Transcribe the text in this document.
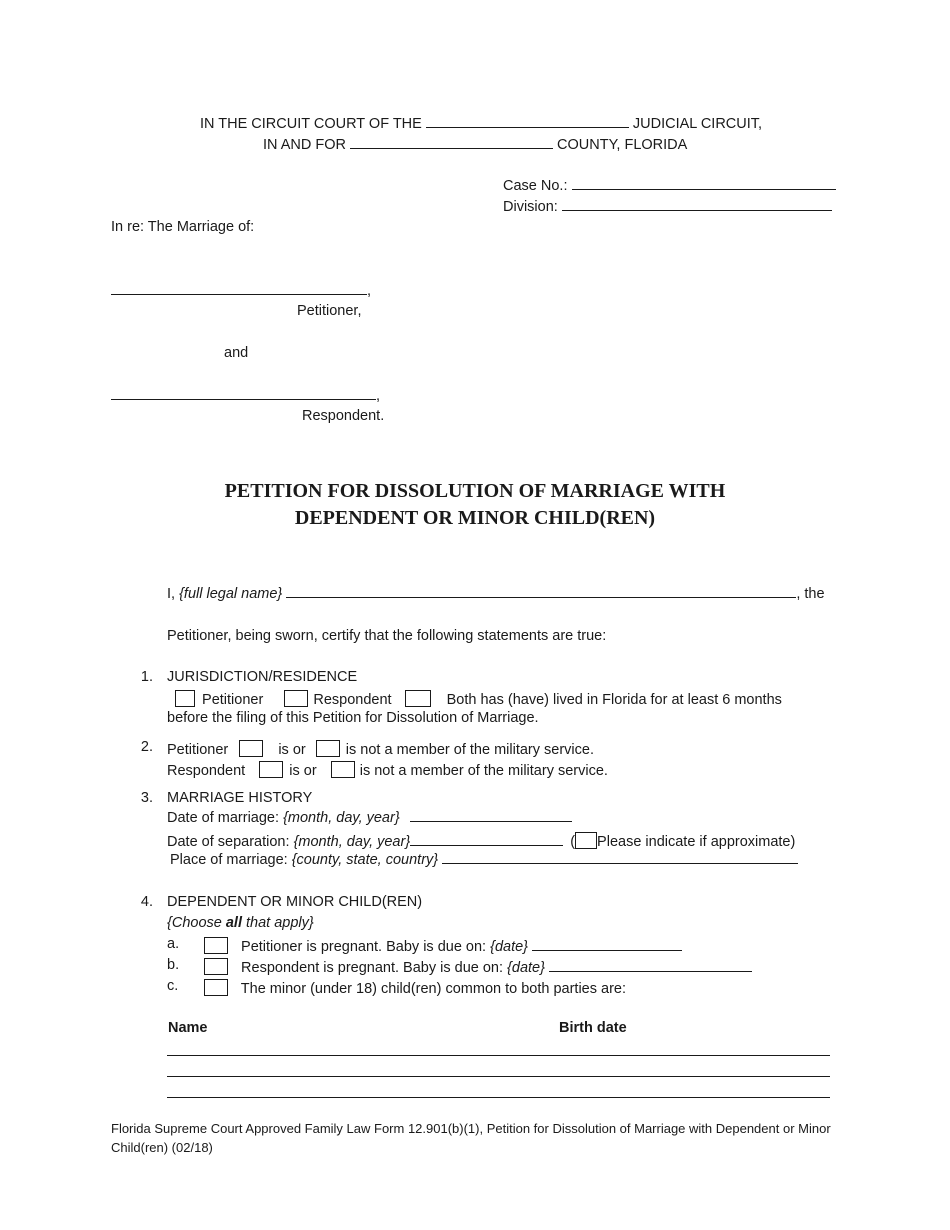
IN THE CIRCUIT COURT OF THE	JUDICIAL CIRCUIT,
IN AND FOR	COUNTY, FLORIDA
Case No.:
Division:
In re: The Marriage of:
,
Petitioner,
and
,
Respondent.
PETITION FOR DISSOLUTION OF MARRIAGE WITH
DEPENDENT OR MINOR CHILD(REN)
I, {full legal name}	, the
Petitioner, being sworn, certify that the following statements are true:
1. JURISDICTION/RESIDENCE
Petitioner	Respondent	Both has (have) lived in Florida for at least 6 months
before the filing of this Petition for Dissolution of Marriage.
2. Petitioner	is or	is not a member of the military service.
Respondent	is or	is not a member of the military service.
3. MARRIAGE HISTORY
Date of marriage: {month, day, year}
Date of separation: {month, day, year}	( Please indicate if approximate)
Place of marriage: {county, state, country}
4. DEPENDENT OR MINOR CHILD(REN)
{Choose all that apply}
a.	Petitioner is pregnant. Baby is due on: {date}
b.	Respondent is pregnant. Baby is due on: {date}
c.	The minor (under 18) child(ren) common to both parties are:
Name	Birth date
Florida Supreme Court Approved Family Law Form 12.901(b)(1), Petition for Dissolution of Marriage with Dependent or Minor Child(ren) (02/18)
